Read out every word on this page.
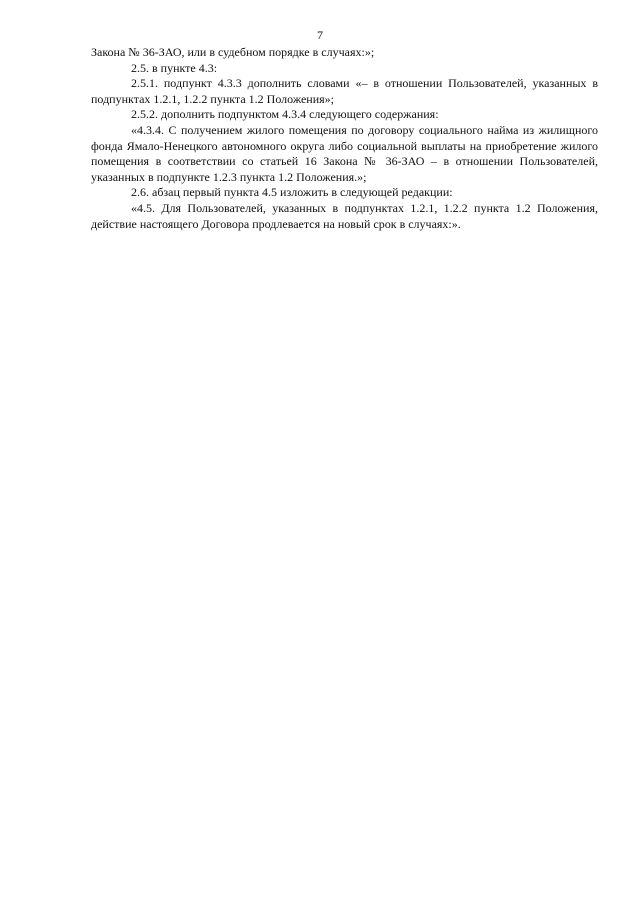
7

Закона № 36-ЗАО, или в судебном порядке в случаях:»;

2.5. в пункте 4.3:

2.5.1. подпункт 4.3.3 дополнить словами «– в отношении Пользователей, указанных в подпунктах 1.2.1, 1.2.2 пункта 1.2 Положения»;

2.5.2. дополнить подпунктом 4.3.4 следующего содержания:

«4.3.4. С получением жилого помещения по договору социального найма из жилищного фонда Ямало-Ненецкого автономного округа либо социальной выплаты на приобретение жилого помещения в соответствии со статьей 16 Закона № 36-ЗАО – в отношении Пользователей, указанных в подпункте 1.2.3 пункта 1.2 Положения.»;

2.6. абзац первый пункта 4.5 изложить в следующей редакции:

«4.5. Для Пользователей, указанных в подпунктах 1.2.1, 1.2.2 пункта 1.2 Положения, действие настоящего Договора продлевается на новый срок в случаях:».
